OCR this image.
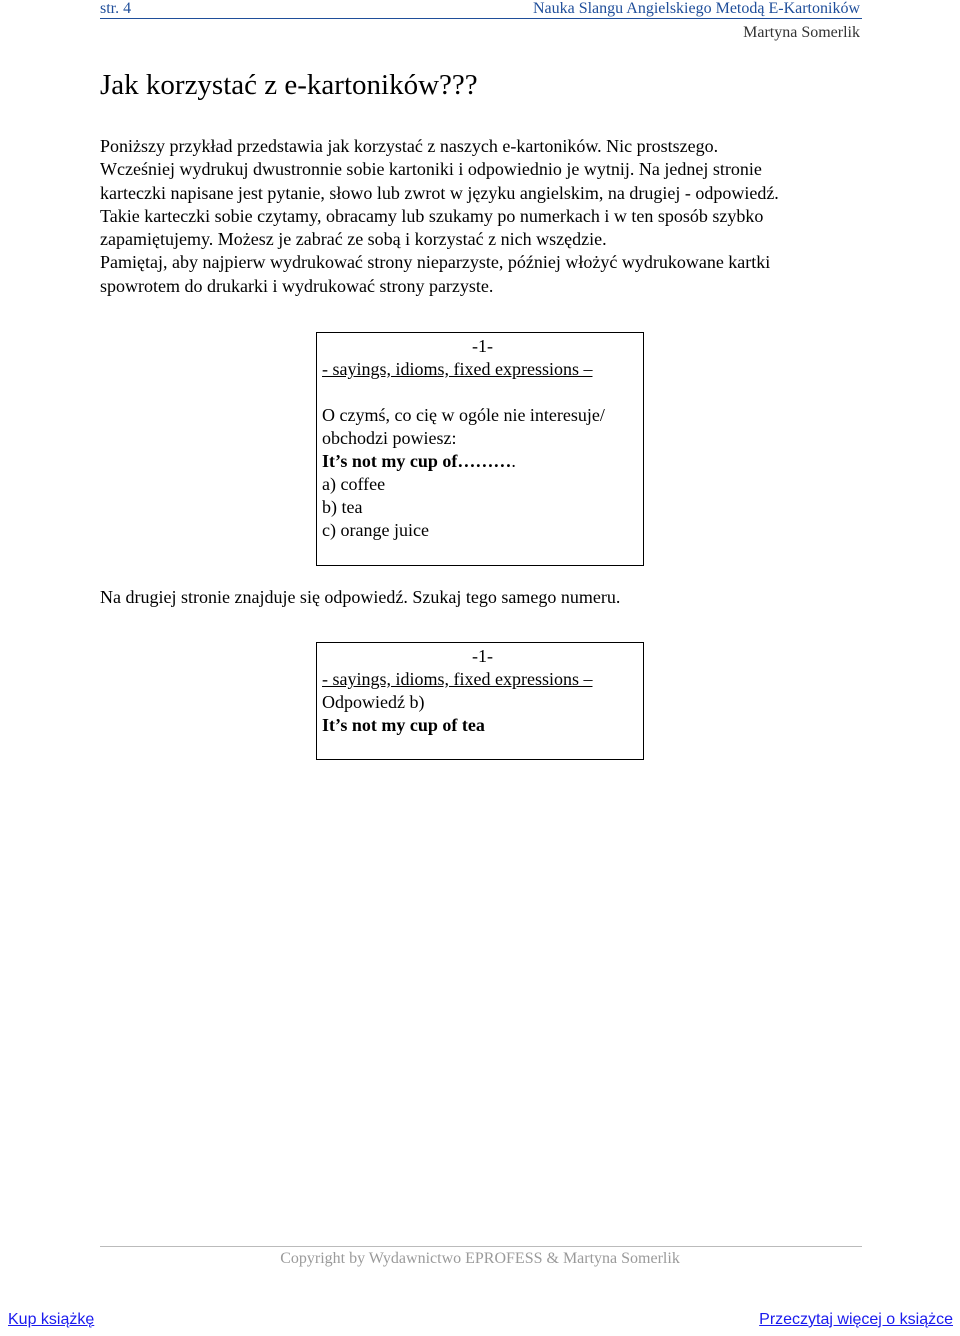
str. 4	Nauka Slangu Angielskiego Metodą E-Kartoników
Martyna Somerlik
Jak korzystać z e-kartoników???

Poniższy przykład przedstawia jak korzystać z naszych e-kartoników. Nic prostszego.

Wcześniej wydrukuj dwustronnie sobie kartoniki i odpowiednio je wytnij. Na jednej stronie

karteczki napisane jest pytanie, słowo lub zwrot w języku angielskim, na drugiej - odpowiedź.

Takie karteczki sobie czytamy, obracamy lub szukamy po numerkach i w ten sposób szybko

zapamiętujemy. Możesz je zabrać ze sobą i korzystać z nich wszędzie.

Pamiętaj, aby najpierw wydrukować strony nieparzyste, później włożyć wydrukowane kartki

spowrotem do drukarki i wydrukować strony parzyste.

-1-
- sayings, idioms, fixed expressions –
O czymś, co cię w ogóle nie interesuje/
obchodzi powiesz:
It’s not my cup of……….
a) coffee
b) tea
c) orange juice
Na drugiej stronie znajduje się odpowiedź. Szukaj tego samego numeru.
-1-
- sayings, idioms, fixed expressions –
Odpowiedź b)
It’s not my cup of tea
Copyright by Wydawnictwo EPROFESS & Martyna Somerlik
Kup książkę	Przeczytaj więcej o książce
